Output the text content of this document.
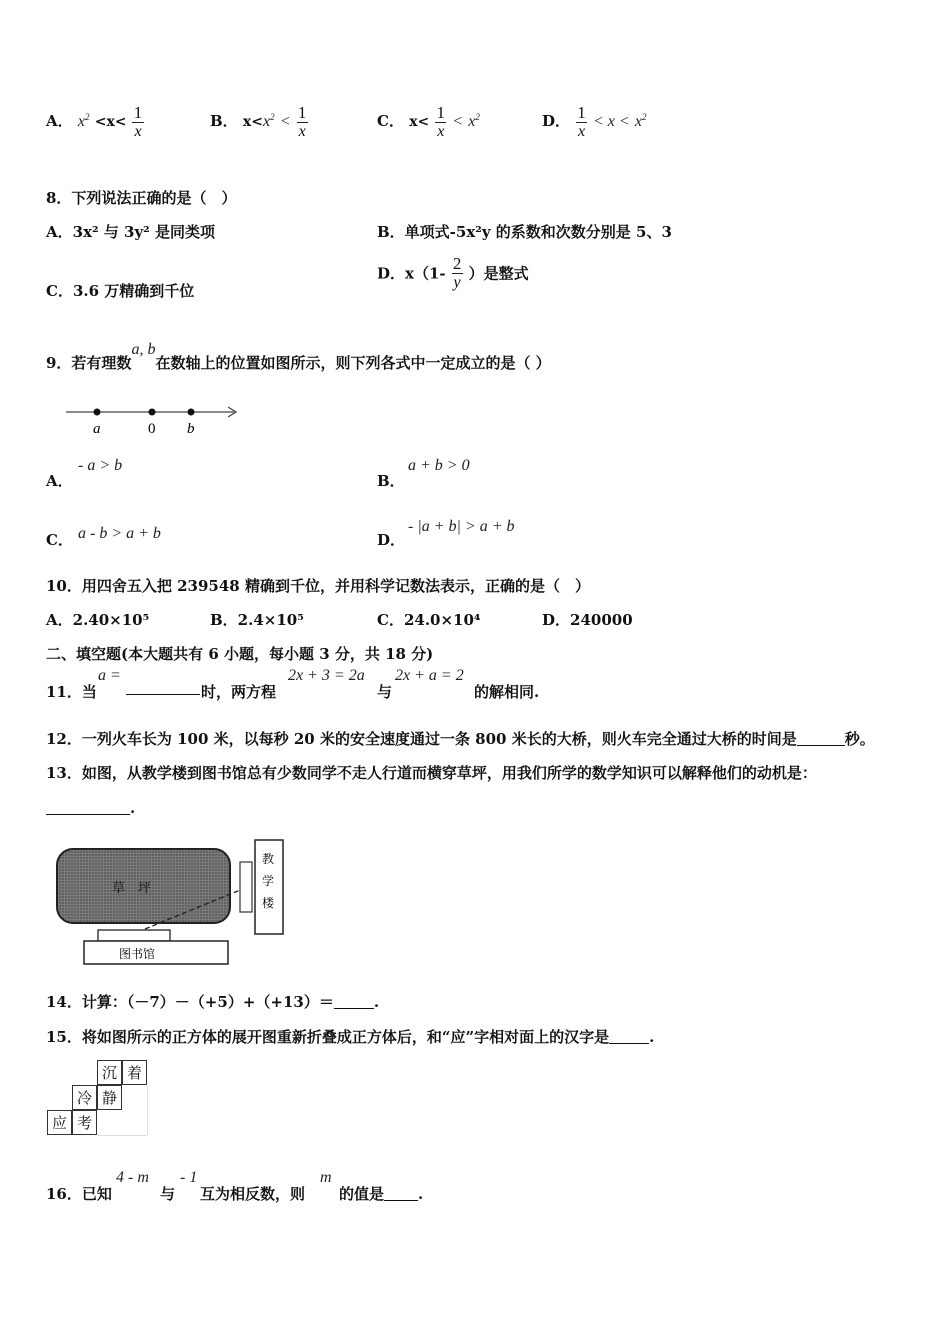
A． $x^2 <x< \frac{1}{x}$	B． $x<x^2 < \frac{1}{x}$	C． $x< \frac{1}{x} < x^2$	D． $\frac{1}{x} < x < x^2$
8．下列说法正确的是（　）
A．3x² 与 3y² 是同类项	B．单项式-5x²y 的系数和次数分别是 5、3
C．3.6 万精确到千位
D．$x(1- \frac{2}{y}$ ）是整式
9．若有理数a, b在数轴上的位置如图所示，则下列各式中一定成立的是（ ）
a	0 b
A．
- a > b
B．
a + b > 0
C． a - b > a + b	D．
- |a + b| > a + b
10．用四舍五入把 239548 精确到千位，并用科学记数法表示，正确的是（　）
A．2.40×10⁵	B．2.4×10⁵	C．24.0×10⁴	D．240000
二、填空题(本大题共有 6 小题，每小题 3 分，共 18 分)
11．当
a =
时，两方程
2x + 3 = 2a
与
2x + a = 2
的解相同.
12．一列火车长为 100 米，以每秒 20 米的安全速度通过一条 800 米长的大桥，则火车完全通过大桥的时间是	秒。
13．如图，从教学楼到图书馆总有少数同学不走人行道而横穿草坪，用我们所学的数学知识可以解释他们的动机是：
.
草　坪
教
学
楼
图书馆
14．计算：（－7）－（+5）+（+13）＝	.
15．将如图所示的正方体的展开图重新折叠成正方体后，和“应”字相对面上的汉字是	.
沉 着
冷 静
应 考
16．已知
4 - m
与
- 1
互为相反数，则
m
的值是 .
